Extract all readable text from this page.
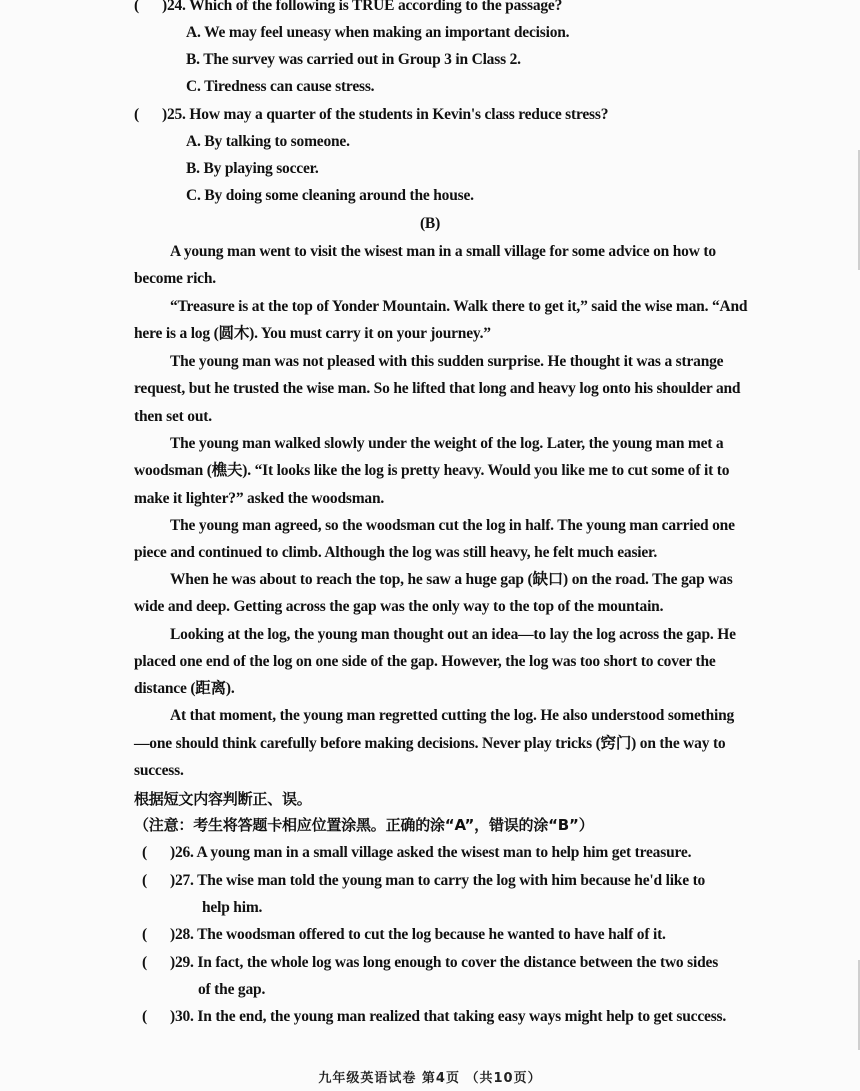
( )24. Which of the following is TRUE according to the passage?
A. We may feel uneasy when making an important decision.
B. The survey was carried out in Group 3 in Class 2.
C. Tiredness can cause stress.
( )25. How may a quarter of the students in Kevin's class reduce stress?
A. By talking to someone.
B. By playing soccer.
C. By doing some cleaning around the house.
(B)
A young man went to visit the wisest man in a small village for some advice on how to
become rich.
“Treasure is at the top of Yonder Mountain. Walk there to get it,” said the wise man. “And
here is a log (圆木). You must carry it on your journey.”
The young man was not pleased with this sudden surprise. He thought it was a strange
request, but he trusted the wise man. So he lifted that long and heavy log onto his shoulder and
then set out.
The young man walked slowly under the weight of the log. Later, the young man met a
woodsman (樵夫). “It looks like the log is pretty heavy. Would you like me to cut some of it to
make it lighter?” asked the woodsman.
The young man agreed, so the woodsman cut the log in half. The young man carried one
piece and continued to climb. Although the log was still heavy, he felt much easier.
When he was about to reach the top, he saw a huge gap (缺口) on the road. The gap was
wide and deep. Getting across the gap was the only way to the top of the mountain.
Looking at the log, the young man thought out an idea—to lay the log across the gap. He
placed one end of the log on one side of the gap. However, the log was too short to cover the
distance (距离).
At that moment, the young man regretted cutting the log. He also understood something
—one should think carefully before making decisions. Never play tricks (窍门) on the way to
success.
根据短文内容判断正、误。
（注意：考生将答题卡相应位置涂黑。正确的涂“A”，错误的涂“B”）
( )26. A young man in a small village asked the wisest man to help him get treasure.
( )27. The wise man told the young man to carry the log with him because he'd like to
help him.
( )28. The woodsman offered to cut the log because he wanted to have half of it.
( )29. In fact, the whole log was long enough to cover the distance between the two sides
of the gap.
( )30. In the end, the young man realized that taking easy ways might help to get success.
九年级英语试卷 第4页 （共10页）
